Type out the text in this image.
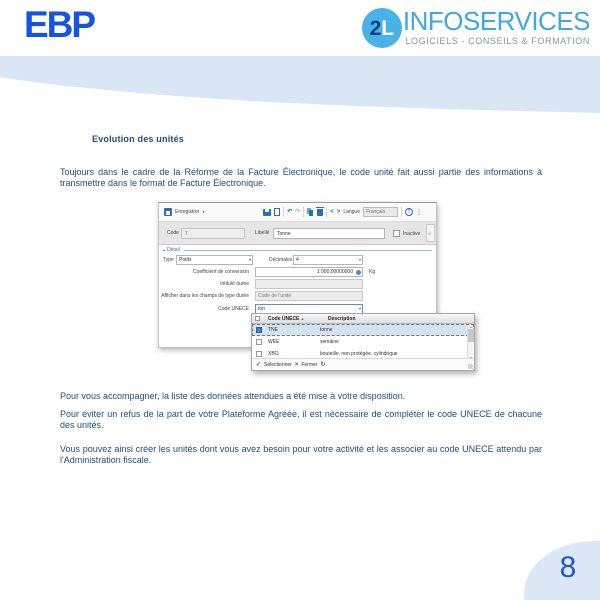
EBP	2 L INFOSERVICES
LOGICIELS - CONSEILS & FORMATION
Evolution des unités
Toujours dans le cadre de la Réforme de la Facture Électronique, le code unité fait aussi partie des informations à transmettre dans le format de Facture Électronique.
Enregistrer ▾	↶ ↷	< > Langue	Français	? ⋮
Code	T	Libellé	Tonne	Inactive §
▴ Détail
Type	Poids	▾	Décimales 4	▾
Coefficient de conversion	1 000,00000000	Kg
Intitulé durée
Afficher dans les champs de type durée	Code de l'unité
Code UNECE	ton	▾
Code UNECE ▲	Description
✓ TNE	tonne
WEE	semaine
XBO	bouteille, non protégée, cylindrique
▲
✓ Sélectionner × Fermer ↻
Pour vous accompagner, la liste des données attendues a été mise à votre disposition.
Pour éviter un refus de la part de votre Plateforme Agréée, il est nécessaire de compléter le code UNECE de chacune des unités.
Vous pouvez ainsi créer les unités dont vous avez besoin pour votre activité et les associer au code UNECE attendu par l'Administration fiscale.
8
